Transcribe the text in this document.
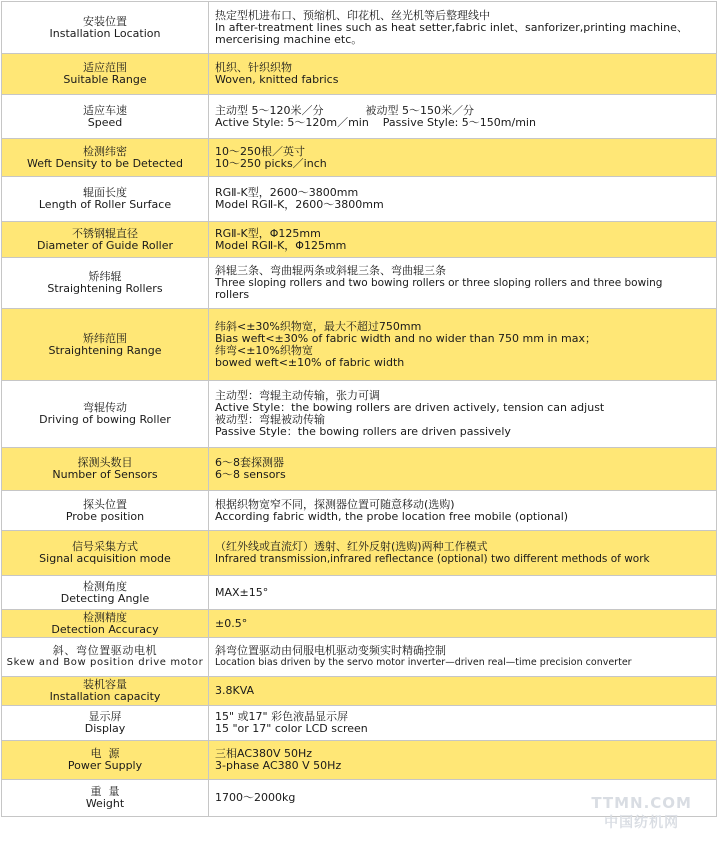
安装位置
Installation Location	热定型机进布口、预缩机、印花机、丝光机等后整理线中
In after-treatment lines such as heat setter,fabric inlet、sanforizer,printing machine、
mercerising machine etc。

适应范围
Suitable Range	机织、针织织物
Woven, knitted fabrics

适应车速
Speed	主动型 5～120米／分            被动型 5～150米／分
Active Style: 5～120m／min    Passive Style: 5～150m/min

检测纬密
Weft Density to be Detected	10～250根／英寸
10～250 picks／inch

辊面长度
Length of Roller Surface	RGⅡ-K型，2600～3800mm
Model RGⅡ-K，2600～3800mm

不锈钢辊直径
Diameter of Guide Roller	RGⅡ-K型，Φ125mm
Model RGⅡ-K，Φ125mm

矫纬辊
Straightening Rollers	斜辊三条、弯曲辊两条或斜辊三条、弯曲辊三条
Three sloping rollers and two bowing rollers or three sloping rollers and three bowing
rollers

矫纬范围
Straightening Range	纬斜<±30%织物宽，最大不超过750mm
Bias weft<±30% of fabric width and no wider than 750 mm in max；
纬弯<±10%织物宽
bowed weft<±10% of fabric width

弯辊传动
Driving of bowing Roller	主动型：弯辊主动传输，张力可调
Active Style：the bowing rollers are driven actively, tension can adjust
被动型：弯辊被动传输
Passive Style：the bowing rollers are driven passively

探测头数目
Number of Sensors	6～8套探测器
6～8 sensors

探头位置
Probe position	根据织物宽窄不同，探测器位置可随意移动(选购)
According fabric width, the probe location free mobile (optional)

信号采集方式
Signal acquisition mode	（红外线或直流灯）透射、红外反射(选购)两种工作模式
Infrared transmission,infrared reflectance (optional) two different methods of work

检测角度
Detecting Angle	MAX±15°

检测精度
Detection Accuracy	±0.5°

斜、弯位置驱动电机
Skew and Bow position drive motor	斜弯位置驱动由伺服电机驱动变频实时精确控制
Location bias driven by the servo motor inverter—driven real—time precision converter

装机容量
Installation capacity	3.8KVA

显示屏
Display	15" 或17" 彩色液晶显示屏
15 "or 17" color LCD screen

电  源
Power Supply	三相AC380V 50Hz
3-phase AC380 V 50Hz

重  量
Weight	1700～2000kg	TTMN.COM
中国纺机网
